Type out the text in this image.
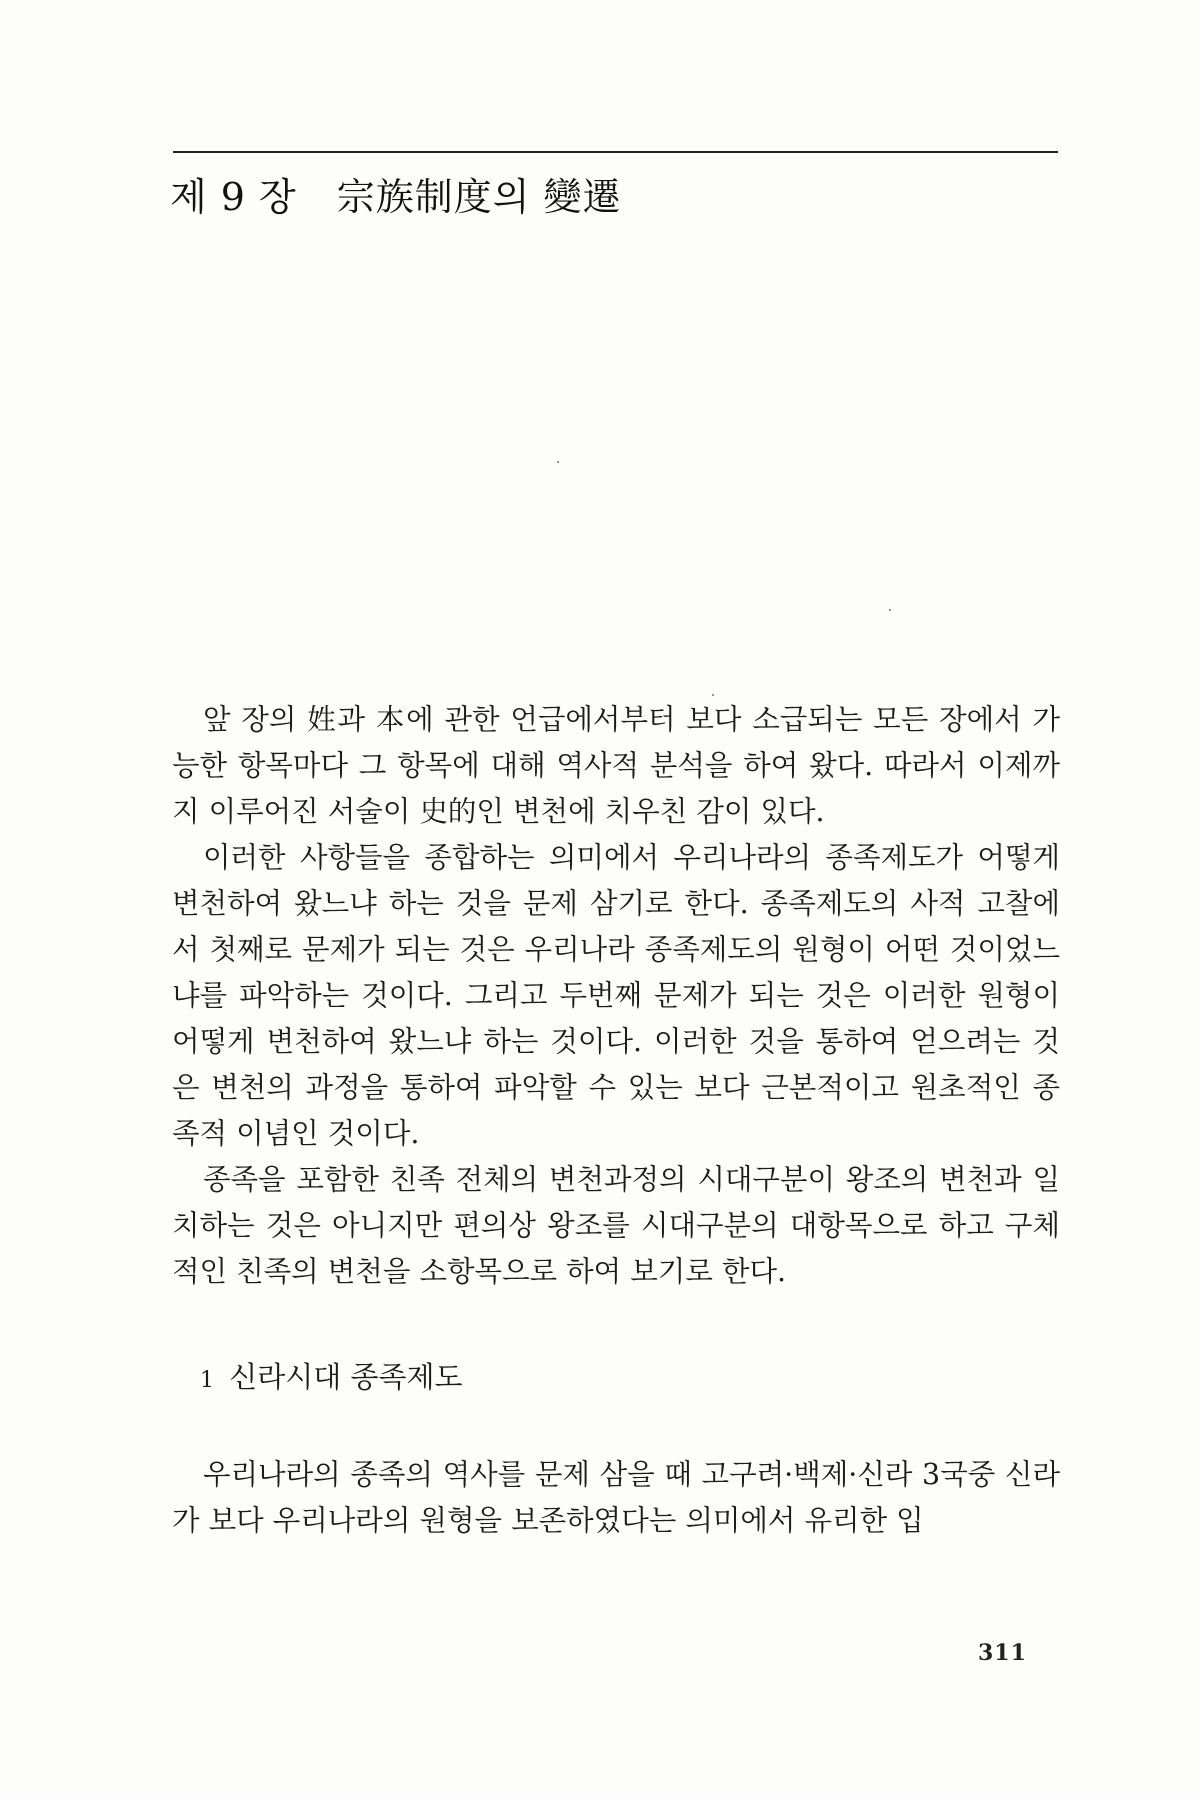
제 9 장 宗族制度의 變遷

앞 장의 姓과 本에 관한 언급에서부터 보다 소급되는 모든 장에서 가능한 항목마다 그 항목에 대해 역사적 분석을 하여 왔다. 따라서 이제까지 이루어진 서술이 史的인 변천에 치우친 감이 있다.

이러한 사항들을 종합하는 의미에서 우리나라의 종족제도가 어떻게 변천하여 왔느냐 하는 것을 문제 삼기로 한다. 종족제도의 사적 고찰에서 첫째로 문제가 되는 것은 우리나라 종족제도의 원형이 어떤 것이었느냐를 파악하는 것이다. 그리고 두번째 문제가 되는 것은 이러한 원형이 어떻게 변천하여 왔느냐 하는 것이다. 이러한 것을 통하여 얻으려는 것은 변천의 과정을 통하여 파악할 수 있는 보다 근본적이고 원초적인 종족적 이념인 것이다.

종족을 포함한 친족 전체의 변천과정의 시대구분이 왕조의 변천과 일치하는 것은 아니지만 편의상 왕조를 시대구분의 대항목으로 하고 구체적인 친족의 변천을 소항목으로 하여 보기로 한다.

1 신라시대 종족제도

우리나라의 종족의 역사를 문제 삼을 때 고구려·백제·신라 3국중 신라가 보다 우리나라의 원형을 보존하였다는 의미에서 유리한 입

311
